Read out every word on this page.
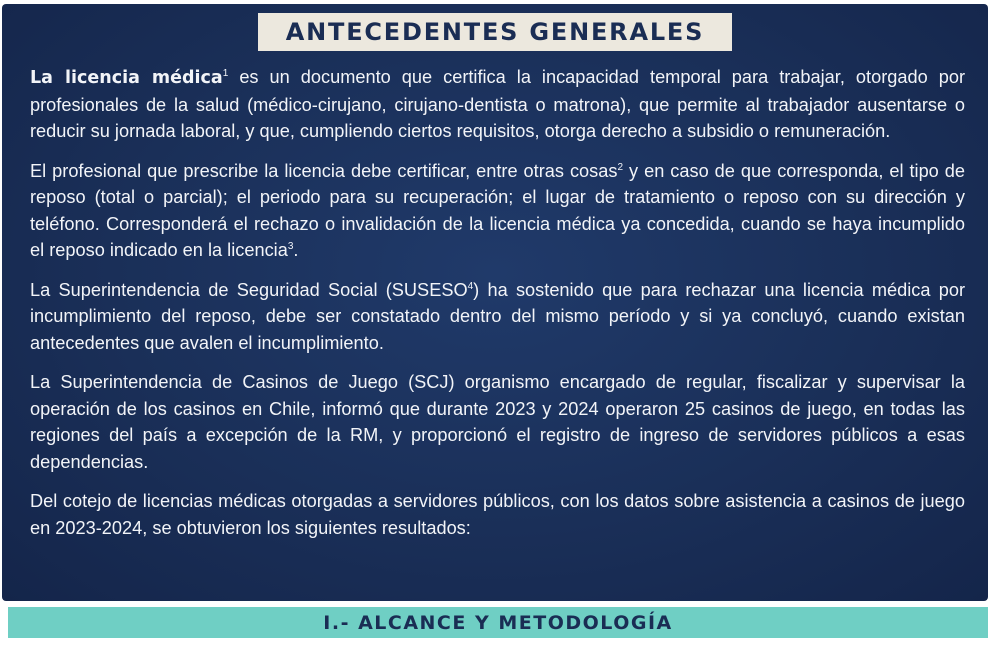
ANTECEDENTES GENERALES

La licencia médica$^1$ es un documento que certifica la incapacidad temporal para trabajar, otorgado por profesionales de la salud (médico-cirujano, cirujano-dentista o matrona), que permite al trabajador ausentarse o reducir su jornada laboral, y que, cumpliendo ciertos requisitos, otorga derecho a subsidio o remuneración.

El profesional que prescribe la licencia debe certificar, entre otras cosas$^2$ y en caso de que corresponda, el tipo de reposo (total o parcial); el periodo para su recuperación; el lugar de tratamiento o reposo con su dirección y teléfono. Corresponderá el rechazo o invalidación de la licencia médica ya concedida, cuando se haya incumplido el reposo indicado en la licencia$^3$.

La Superintendencia de Seguridad Social (SUSESO$^4$) ha sostenido que para rechazar una licencia médica por incumplimiento del reposo, debe ser constatado dentro del mismo período y si ya concluyó, cuando existan antecedentes que avalen el incumplimiento.

La Superintendencia de Casinos de Juego (SCJ) organismo encargado de regular, fiscalizar y supervisar la operación de los casinos en Chile, informó que durante 2023 y 2024 operaron 25 casinos de juego, en todas las regiones del país a excepción de la RM, y proporcionó el registro de ingreso de servidores públicos a esas dependencias.

Del cotejo de licencias médicas otorgadas a servidores públicos, con los datos sobre asistencia a casinos de juego en 2023-2024, se obtuvieron los siguientes resultados:

I.- ALCANCE Y METODOLOGÍA
